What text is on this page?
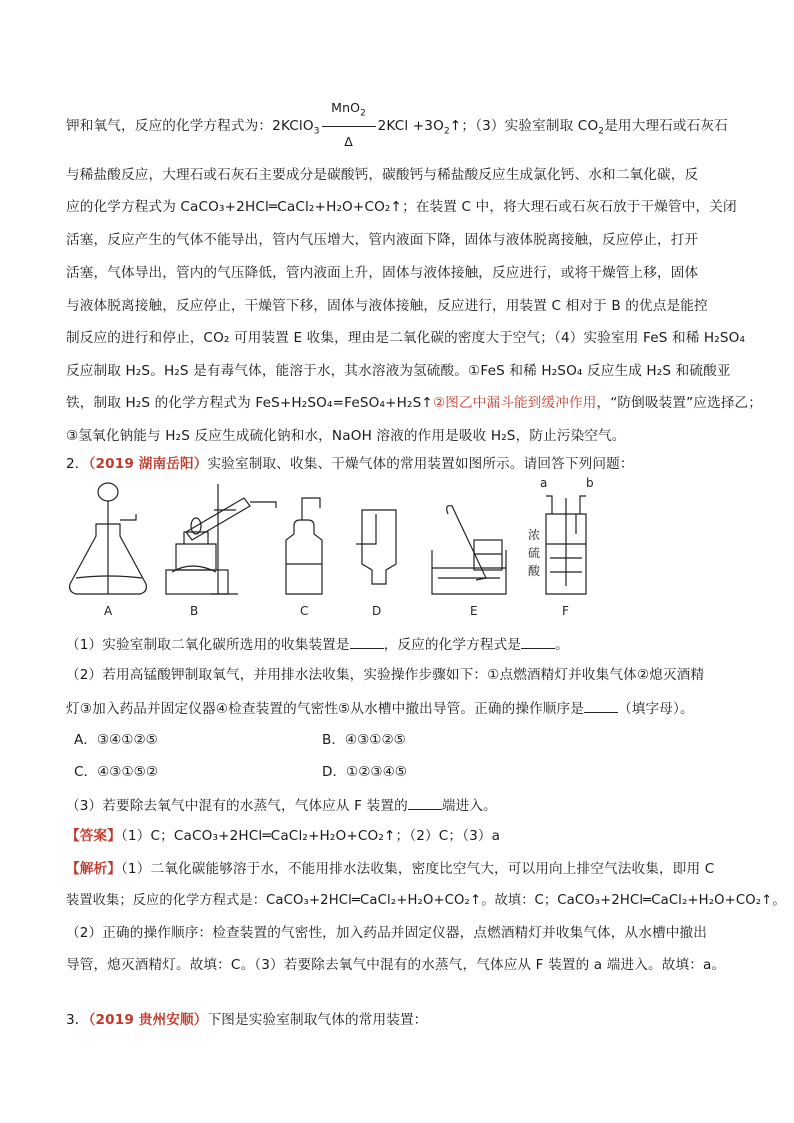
钾和氧气，反应的化学方程式为：2KClO$_3$ $\frac{MnO_2}{\Delta} 2KCl$ $+3O_2↑$；（3）实验室制取 $CO_2$是用大理石或石灰石
与稀盐酸反应，大理石或石灰石主要成分是碳酸钙，碳酸钙与稀盐酸反应生成氯化钙、水和二氧化碳，反
应的化学方程式为 CaCO₃+2HCl═CaCl₂+H₂O+CO₂↑；在装置 C 中，将大理石或石灰石放于干燥管中，关闭
活塞，反应产生的气体不能导出，管内气压增大，管内液面下降，固体与液体脱离接触，反应停止，打开
活塞，气体导出，管内的气压降低，管内液面上升，固体与液体接触，反应进行，或将干燥管上移，固体
与液体脱离接触，反应停止，干燥管下移，固体与液体接触，反应进行，用装置 C 相对于 B 的优点是能控
制反应的进行和停止，CO₂ 可用装置 E 收集，理由是二氧化碳的密度大于空气；（4）实验室用 FeS 和稀 H₂SO₄
反应制取 H₂S。H₂S 是有毒气体，能溶于水，其水溶液为氢硫酸。①FeS 和稀 H₂SO₄ 反应生成 H₂S 和硫酸亚
铁，制取 H₂S 的化学方程式为 FeS+H₂SO₄=FeSO₄+H₂S↑②图乙中漏斗能到缓冲作用，“防倒吸装置”应选择乙；
③氢氧化钠能与 H₂S 反应生成硫化钠和水，NaOH 溶液的作用是吸收 H₂S，防止污染空气。
2．（2019 湖南岳阳）实验室制取、收集、干燥气体的常用装置如图所示。请回答下列问题：
A	B	C	D	E	F
浓
硫
酸
a	b
（1）实验室制取二氧化碳所选用的收集装置是	，反应的化学方程式是	。
（2）若用高锰酸钾制取氧气，并用排水法收集，实验操作步骤如下：①点燃酒精灯并收集气体②熄灭酒精
灯③加入药品并固定仪器④检查装置的气密性⑤从水槽中撤出导管。正确的操作顺序是	（填字母）。
A．③④①②⑤	B．④③①②⑤
C．④③①⑤②	D．①②③④⑤
（3）若要除去氧气中混有的水蒸气，气体应从 F 装置的	端进入。
【答案】（1）C；CaCO₃+2HCl═CaCl₂+H₂O+CO₂↑；（2）C；（3）a
【解析】（1）二氧化碳能够溶于水，不能用排水法收集，密度比空气大，可以用向上排空气法收集，即用 C
装置收集；反应的化学方程式是：CaCO₃+2HCl═CaCl₂+H₂O+CO₂↑。故填：C；CaCO₃+2HCl═CaCl₂+H₂O+CO₂↑。
（2）正确的操作顺序：检查装置的气密性，加入药品并固定仪器，点燃酒精灯并收集气体，从水槽中撤出
导管，熄灭酒精灯。故填：C。（3）若要除去氧气中混有的水蒸气，气体应从 F 装置的 a 端进入。故填：a。
3．（2019 贵州安顺）下图是实验室制取气体的常用装置：
